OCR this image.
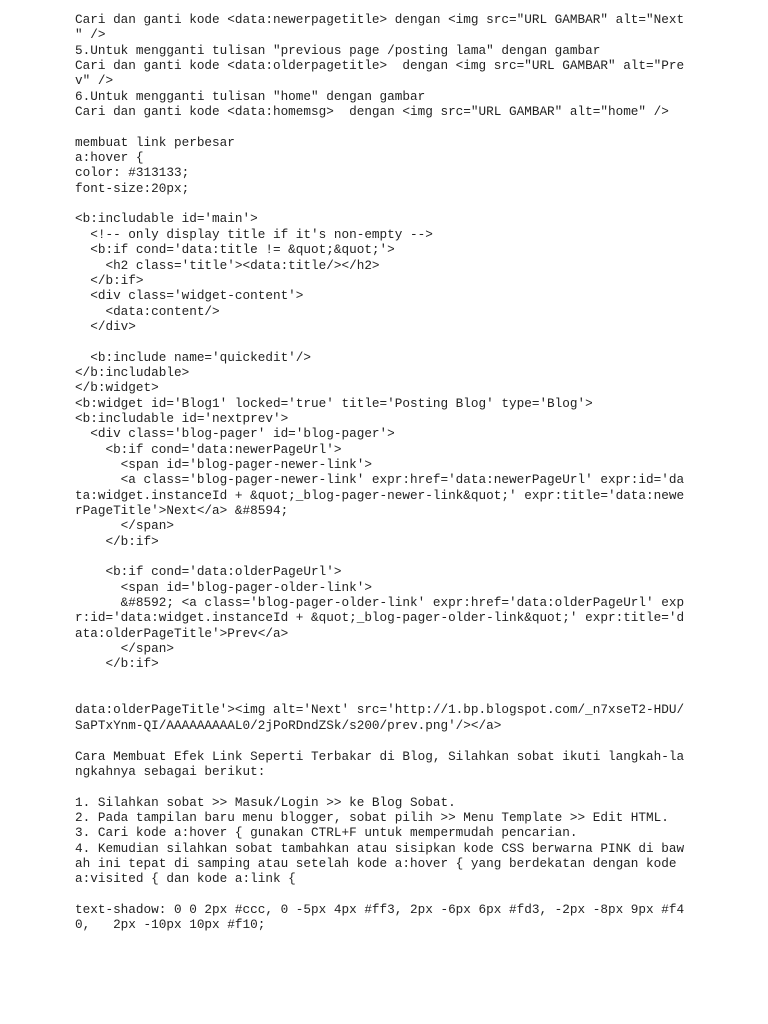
Cari dan ganti kode <data:newerpagetitle> dengan <img src="URL GAMBAR" alt="Next
" />
5.Untuk mengganti tulisan "previous page /posting lama" dengan gambar
Cari dan ganti kode <data:olderpagetitle>  dengan <img src="URL GAMBAR" alt="Pre
v" />
6.Untuk mengganti tulisan "home" dengan gambar
Cari dan ganti kode <data:homemsg>  dengan <img src="URL GAMBAR" alt="home" />
membuat link perbesar
a:hover {
color: #313133;
font-size:20px;
<b:includable id='main'>
<!-- only display title if it's non-empty -->
<b:if cond='data:title != &quot;&quot;'>
<h2 class='title'><data:title/></h2>
</b:if>
<div class='widget-content'>
<data:content/>
</div>
<b:include name='quickedit'/>
</b:includable>
</b:widget>
<b:widget id='Blog1' locked='true' title='Posting Blog' type='Blog'>
<b:includable id='nextprev'>
<div class='blog-pager' id='blog-pager'>
<b:if cond='data:newerPageUrl'>
<span id='blog-pager-newer-link'>
<a class='blog-pager-newer-link' expr:href='data:newerPageUrl' expr:id='da
ta:widget.instanceId + &quot;_blog-pager-newer-link&quot;' expr:title='data:newe
rPageTitle'>Next</a> &#8594;
</span>
</b:if>
<b:if cond='data:olderPageUrl'>
<span id='blog-pager-older-link'>
&#8592; <a class='blog-pager-older-link' expr:href='data:olderPageUrl' exp
r:id='data:widget.instanceId + &quot;_blog-pager-older-link&quot;' expr:title='d
ata:olderPageTitle'>Prev</a>
</span>
</b:if>
data:olderPageTitle'><img alt='Next' src='http://1.bp.blogspot.com/_n7xseT2-HDU/
SaPTxYnm-QI/AAAAAAAAAL0/2jPoRDndZSk/s200/prev.png'/></a>
Cara Membuat Efek Link Seperti Terbakar di Blog, Silahkan sobat ikuti langkah-la
ngkahnya sebagai berikut:
1. Silahkan sobat >> Masuk/Login >> ke Blog Sobat.
2. Pada tampilan baru menu blogger, sobat pilih >> Menu Template >> Edit HTML.
3. Cari kode a:hover { gunakan CTRL+F untuk mempermudah pencarian.
4. Kemudian silahkan sobat tambahkan atau sisipkan kode CSS berwarna PINK di baw
ah ini tepat di samping atau setelah kode a:hover { yang berdekatan dengan kode
a:visited { dan kode a:link {
text-shadow: 0 0 2px #ccc, 0 -5px 4px #ff3, 2px -6px 6px #fd3, -2px -8px 9px #f4
0,   2px -10px 10px #f10;
